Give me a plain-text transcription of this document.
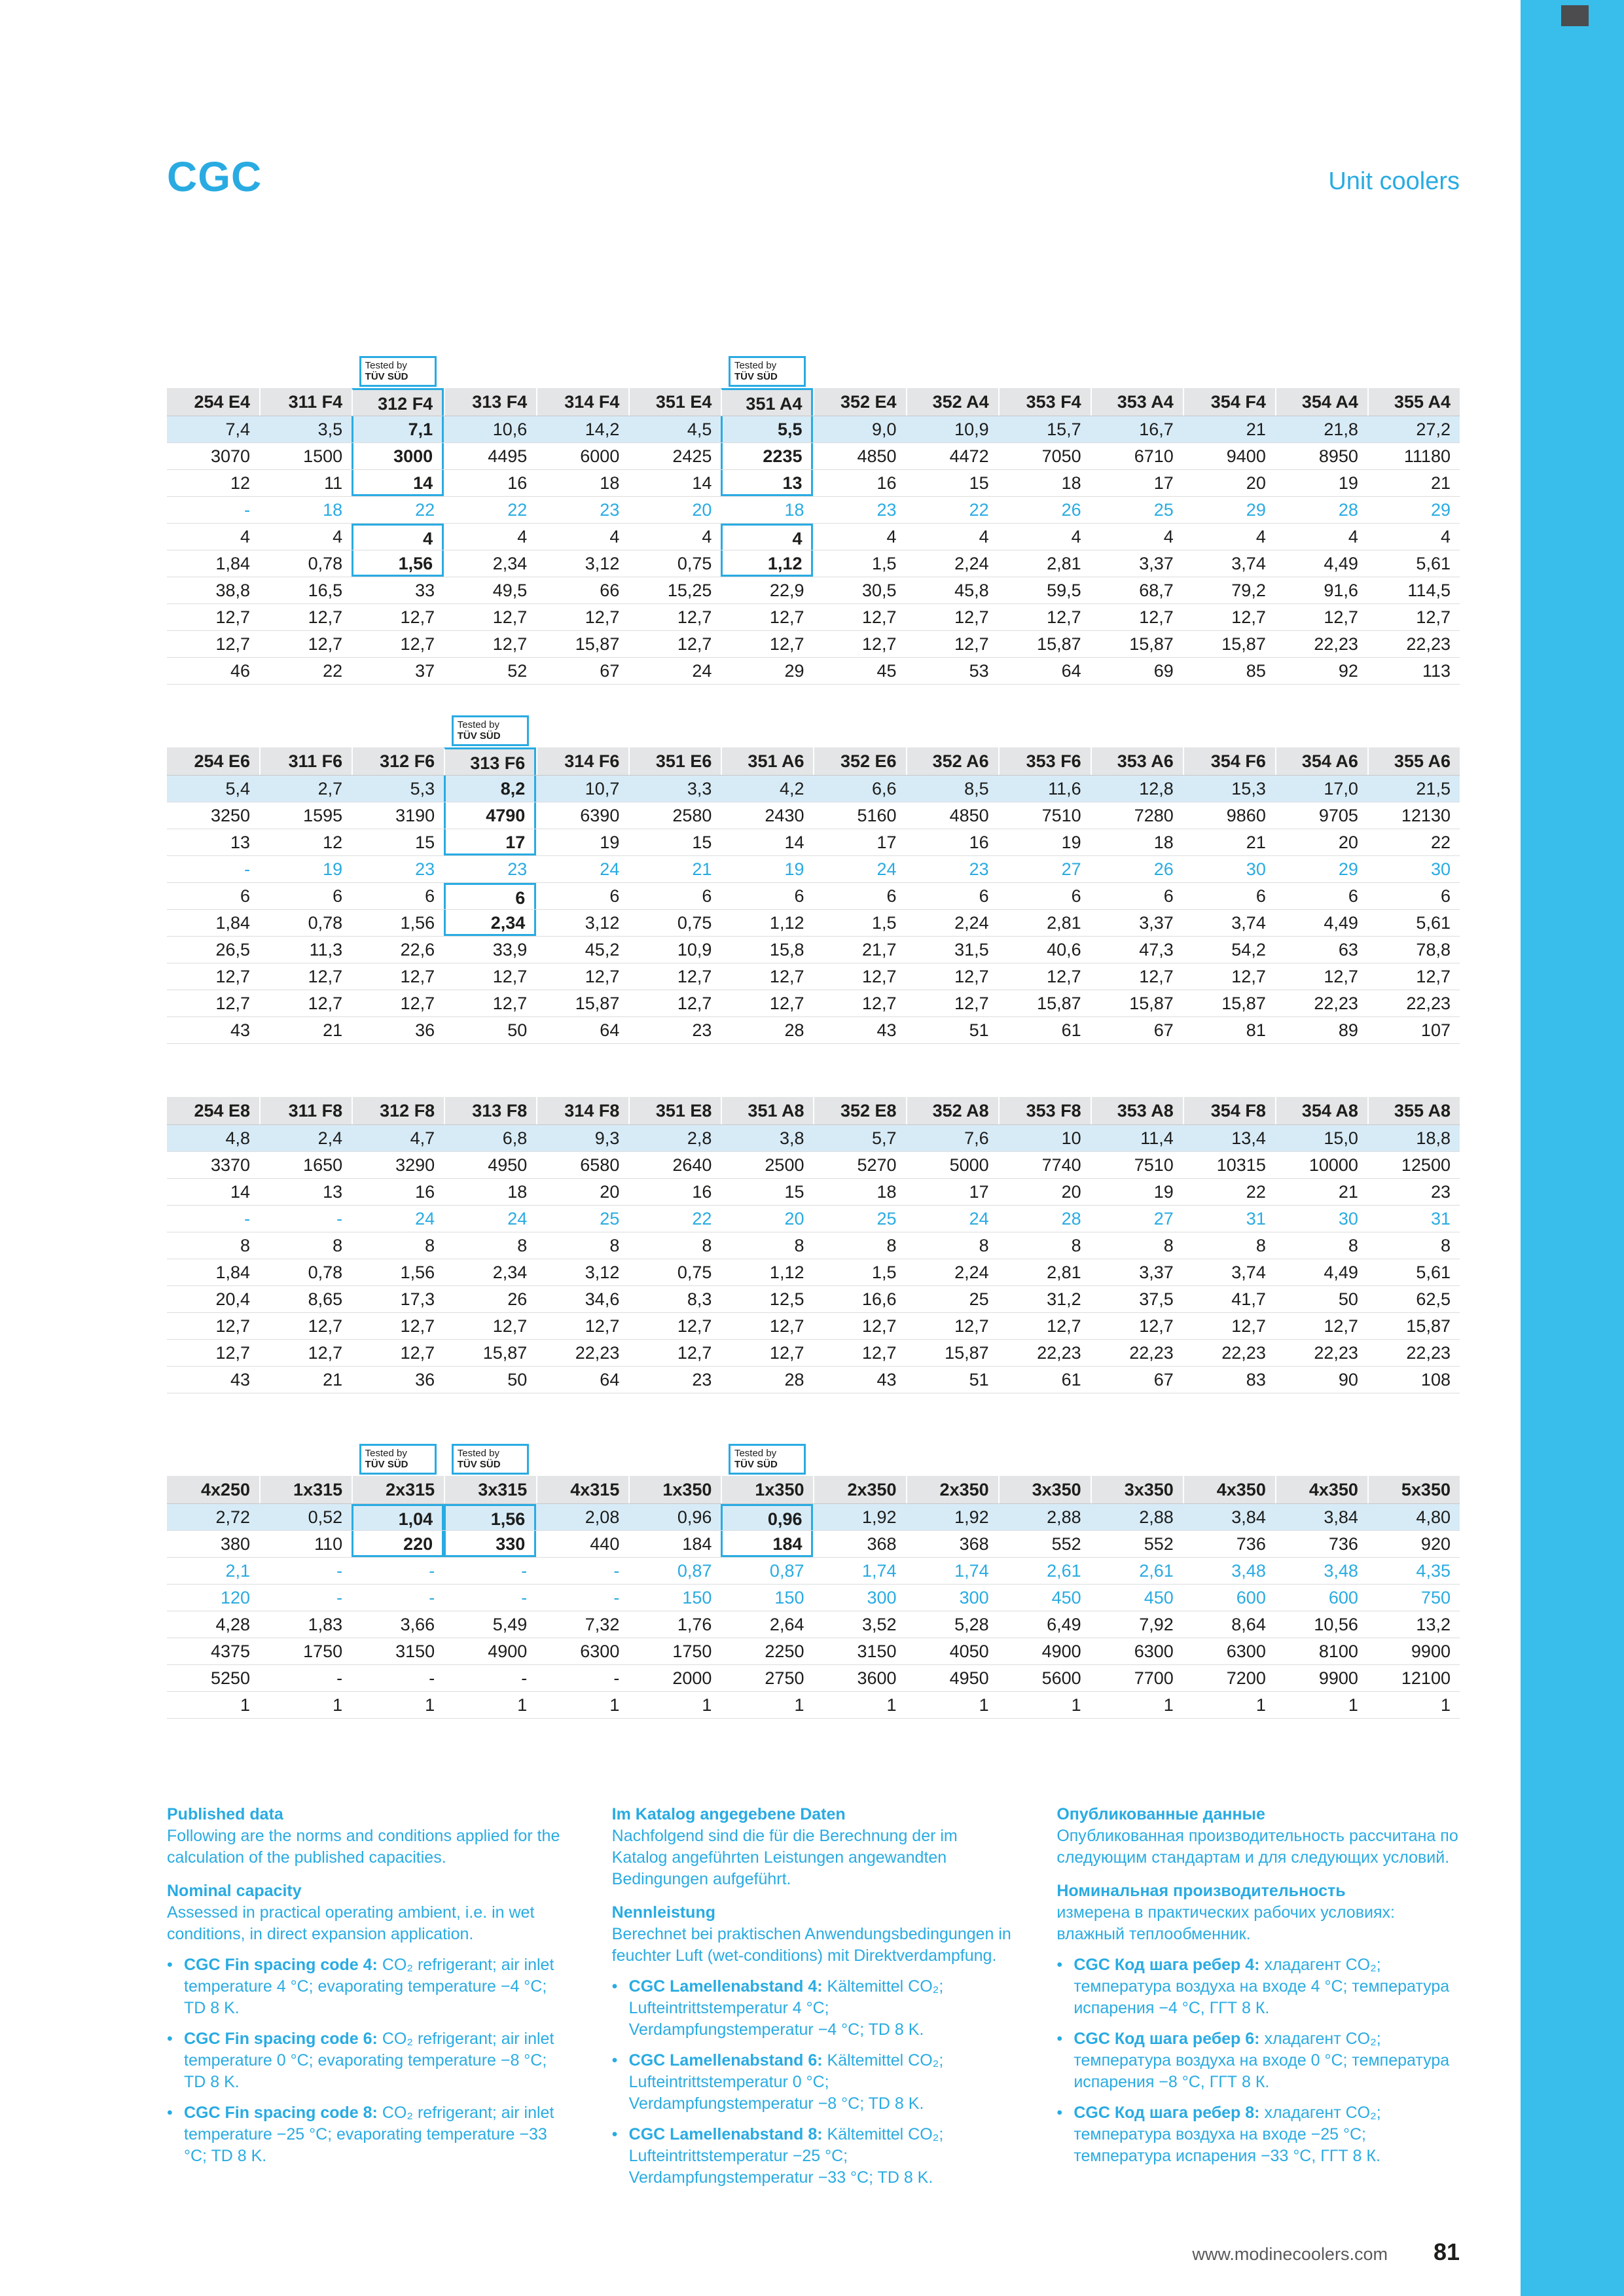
CGC	Unit coolers
Tested by
TÜV SÜD
Tested by
TÜV SÜD
254 E4	311 F4	312 F4	313 F4	314 F4	351 E4	351 A4	352 E4	352 A4	353 F4	353 A4	354 F4	354 A4	355 A4
7,4	3,5	7,1	10,6	14,2	4,5	5,5	9,0	10,9	15,7	16,7	21	21,8	27,2
3070	1500	3000	4495	6000	2425	2235	4850	4472	7050	6710	9400	8950	11180
12	11	14	16	18	14	13	16	15	18	17	20	19	21
-	18	22	22	23	20	18	23	22	26	25	29	28	29
4	4	4	4	4	4	4	4	4	4	4	4	4	4
1,84	0,78	1,56	2,34	3,12	0,75	1,12	1,5	2,24	2,81	3,37	3,74	4,49	5,61
38,8	16,5	33	49,5	66	15,25	22,9	30,5	45,8	59,5	68,7	79,2	91,6	114,5
12,7	12,7	12,7	12,7	12,7	12,7	12,7	12,7	12,7	12,7	12,7	12,7	12,7	12,7
12,7	12,7	12,7	12,7	15,87	12,7	12,7	12,7	12,7	15,87	15,87	15,87	22,23	22,23
46	22	37	52	67	24	29	45	53	64	69	85	92	113
Tested by
TÜV SÜD
254 E6	311 F6	312 F6	313 F6	314 F6	351 E6	351 A6	352 E6	352 A6	353 F6	353 A6	354 F6	354 A6	355 A6
5,4	2,7	5,3	8,2	10,7	3,3	4,2	6,6	8,5	11,6	12,8	15,3	17,0	21,5
3250	1595	3190	4790	6390	2580	2430	5160	4850	7510	7280	9860	9705	12130
13	12	15	17	19	15	14	17	16	19	18	21	20	22
-	19	23	23	24	21	19	24	23	27	26	30	29	30
6	6	6	6	6	6	6	6	6	6	6	6	6	6
1,84	0,78	1,56	2,34	3,12	0,75	1,12	1,5	2,24	2,81	3,37	3,74	4,49	5,61
26,5	11,3	22,6	33,9	45,2	10,9	15,8	21,7	31,5	40,6	47,3	54,2	63	78,8
12,7	12,7	12,7	12,7	12,7	12,7	12,7	12,7	12,7	12,7	12,7	12,7	12,7	12,7
12,7	12,7	12,7	12,7	15,87	12,7	12,7	12,7	12,7	15,87	15,87	15,87	22,23	22,23
43	21	36	50	64	23	28	43	51	61	67	81	89	107
254 E8	311 F8	312 F8	313 F8	314 F8	351 E8	351 A8	352 E8	352 A8	353 F8	353 A8	354 F8	354 A8	355 A8
4,8	2,4	4,7	6,8	9,3	2,8	3,8	5,7	7,6	10	11,4	13,4	15,0	18,8
3370	1650	3290	4950	6580	2640	2500	5270	5000	7740	7510	10315	10000	12500
14	13	16	18	20	16	15	18	17	20	19	22	21	23
-	-	24	24	25	22	20	25	24	28	27	31	30	31
8	8	8	8	8	8	8	8	8	8	8	8	8	8
1,84	0,78	1,56	2,34	3,12	0,75	1,12	1,5	2,24	2,81	3,37	3,74	4,49	5,61
20,4	8,65	17,3	26	34,6	8,3	12,5	16,6	25	31,2	37,5	41,7	50	62,5
12,7	12,7	12,7	12,7	12,7	12,7	12,7	12,7	12,7	12,7	12,7	12,7	12,7	15,87
12,7	12,7	12,7	15,87	22,23	12,7	12,7	12,7	15,87	22,23	22,23	22,23	22,23	22,23
43	21	36	50	64	23	28	43	51	61	67	83	90	108
Tested by
TÜV SÜD
Tested by
TÜV SÜD
Tested by
TÜV SÜD
4x250	1x315	2x315	3x315	4x315	1x350	1x350	2x350	2x350	3x350	3x350	4x350	4x350	5x350
2,72	0,52	1,04	1,56	2,08	0,96	0,96	1,92	1,92	2,88	2,88	3,84	3,84	4,80
380	110	220	330	440	184	184	368	368	552	552	736	736	920
2,1	-	-	-	-	0,87	0,87	1,74	1,74	2,61	2,61	3,48	3,48	4,35
120	-	-	-	-	150	150	300	300	450	450	600	600	750
4,28	1,83	3,66	5,49	7,32	1,76	2,64	3,52	5,28	6,49	7,92	8,64	10,56	13,2
4375	1750	3150	4900	6300	1750	2250	3150	4050	4900	6300	6300	8100	9900
5250	-	-	-	-	2000	2750	3600	4950	5600	7700	7200	9900	12100
1	1	1	1	1	1	1	1	1	1	1	1	1	1
Published data
Following are the norms and conditions applied for the calculation of the published capacities.
Nominal capacity
Assessed in practical operating ambient, i.e. in wet conditions, in direct expansion application.
• CGC Fin spacing code 4: CO₂ refrigerant; air inlet temperature 4 °C; evaporating temperature −4 °C; TD 8 K.
• CGC Fin spacing code 6: CO₂ refrigerant; air inlet temperature 0 °C; evaporating temperature −8 °C; TD 8 K.
• CGC Fin spacing code 8: CO₂ refrigerant; air inlet temperature −25 °C; evaporating temperature −33 °C; TD 8 K.
Im Katalog angegebene Daten
Nachfolgend sind die für die Berechnung der im Katalog angeführten Leistungen angewandten Bedingungen aufgeführt.
Nennleistung
Berechnet bei praktischen Anwendungsbedingungen in feuchter Luft (wet-conditions) mit Direktverdampfung.
• CGC Lamellenabstand 4: Kältemittel CO₂; Lufteintrittstemperatur 4 °C; Verdampfungstemperatur −4 °C; TD 8 K.
• CGC Lamellenabstand 6: Kältemittel CO₂; Lufteintrittstemperatur 0 °C; Verdampfungstemperatur −8 °C; TD 8 K.
• CGC Lamellenabstand 8: Kältemittel CO₂; Lufteintrittstemperatur −25 °C; Verdampfungstemperatur −33 °C; TD 8 K.
Опубликованные данные
Опубликованная производительность рассчитана по следующим стандартам и для следующих условий.
Номинальная производительность
измерена в практических рабочих условиях: влажный теплообменник.
• CGC Код шага ребер 4: хладагент CO₂; температура воздуха на входе 4 °C; температура испарения −4 °C, ГГТ 8 К.
• CGC Код шага ребер 6: хладагент CO₂; температура воздуха на входе 0 °C; температура испарения −8 °C, ГГТ 8 К.
• CGC Код шага ребер 8: хладагент CO₂; температура воздуха на входе −25 °C; температура испарения −33 °C, ГГТ 8 К.
www.modinecoolers.com 81
